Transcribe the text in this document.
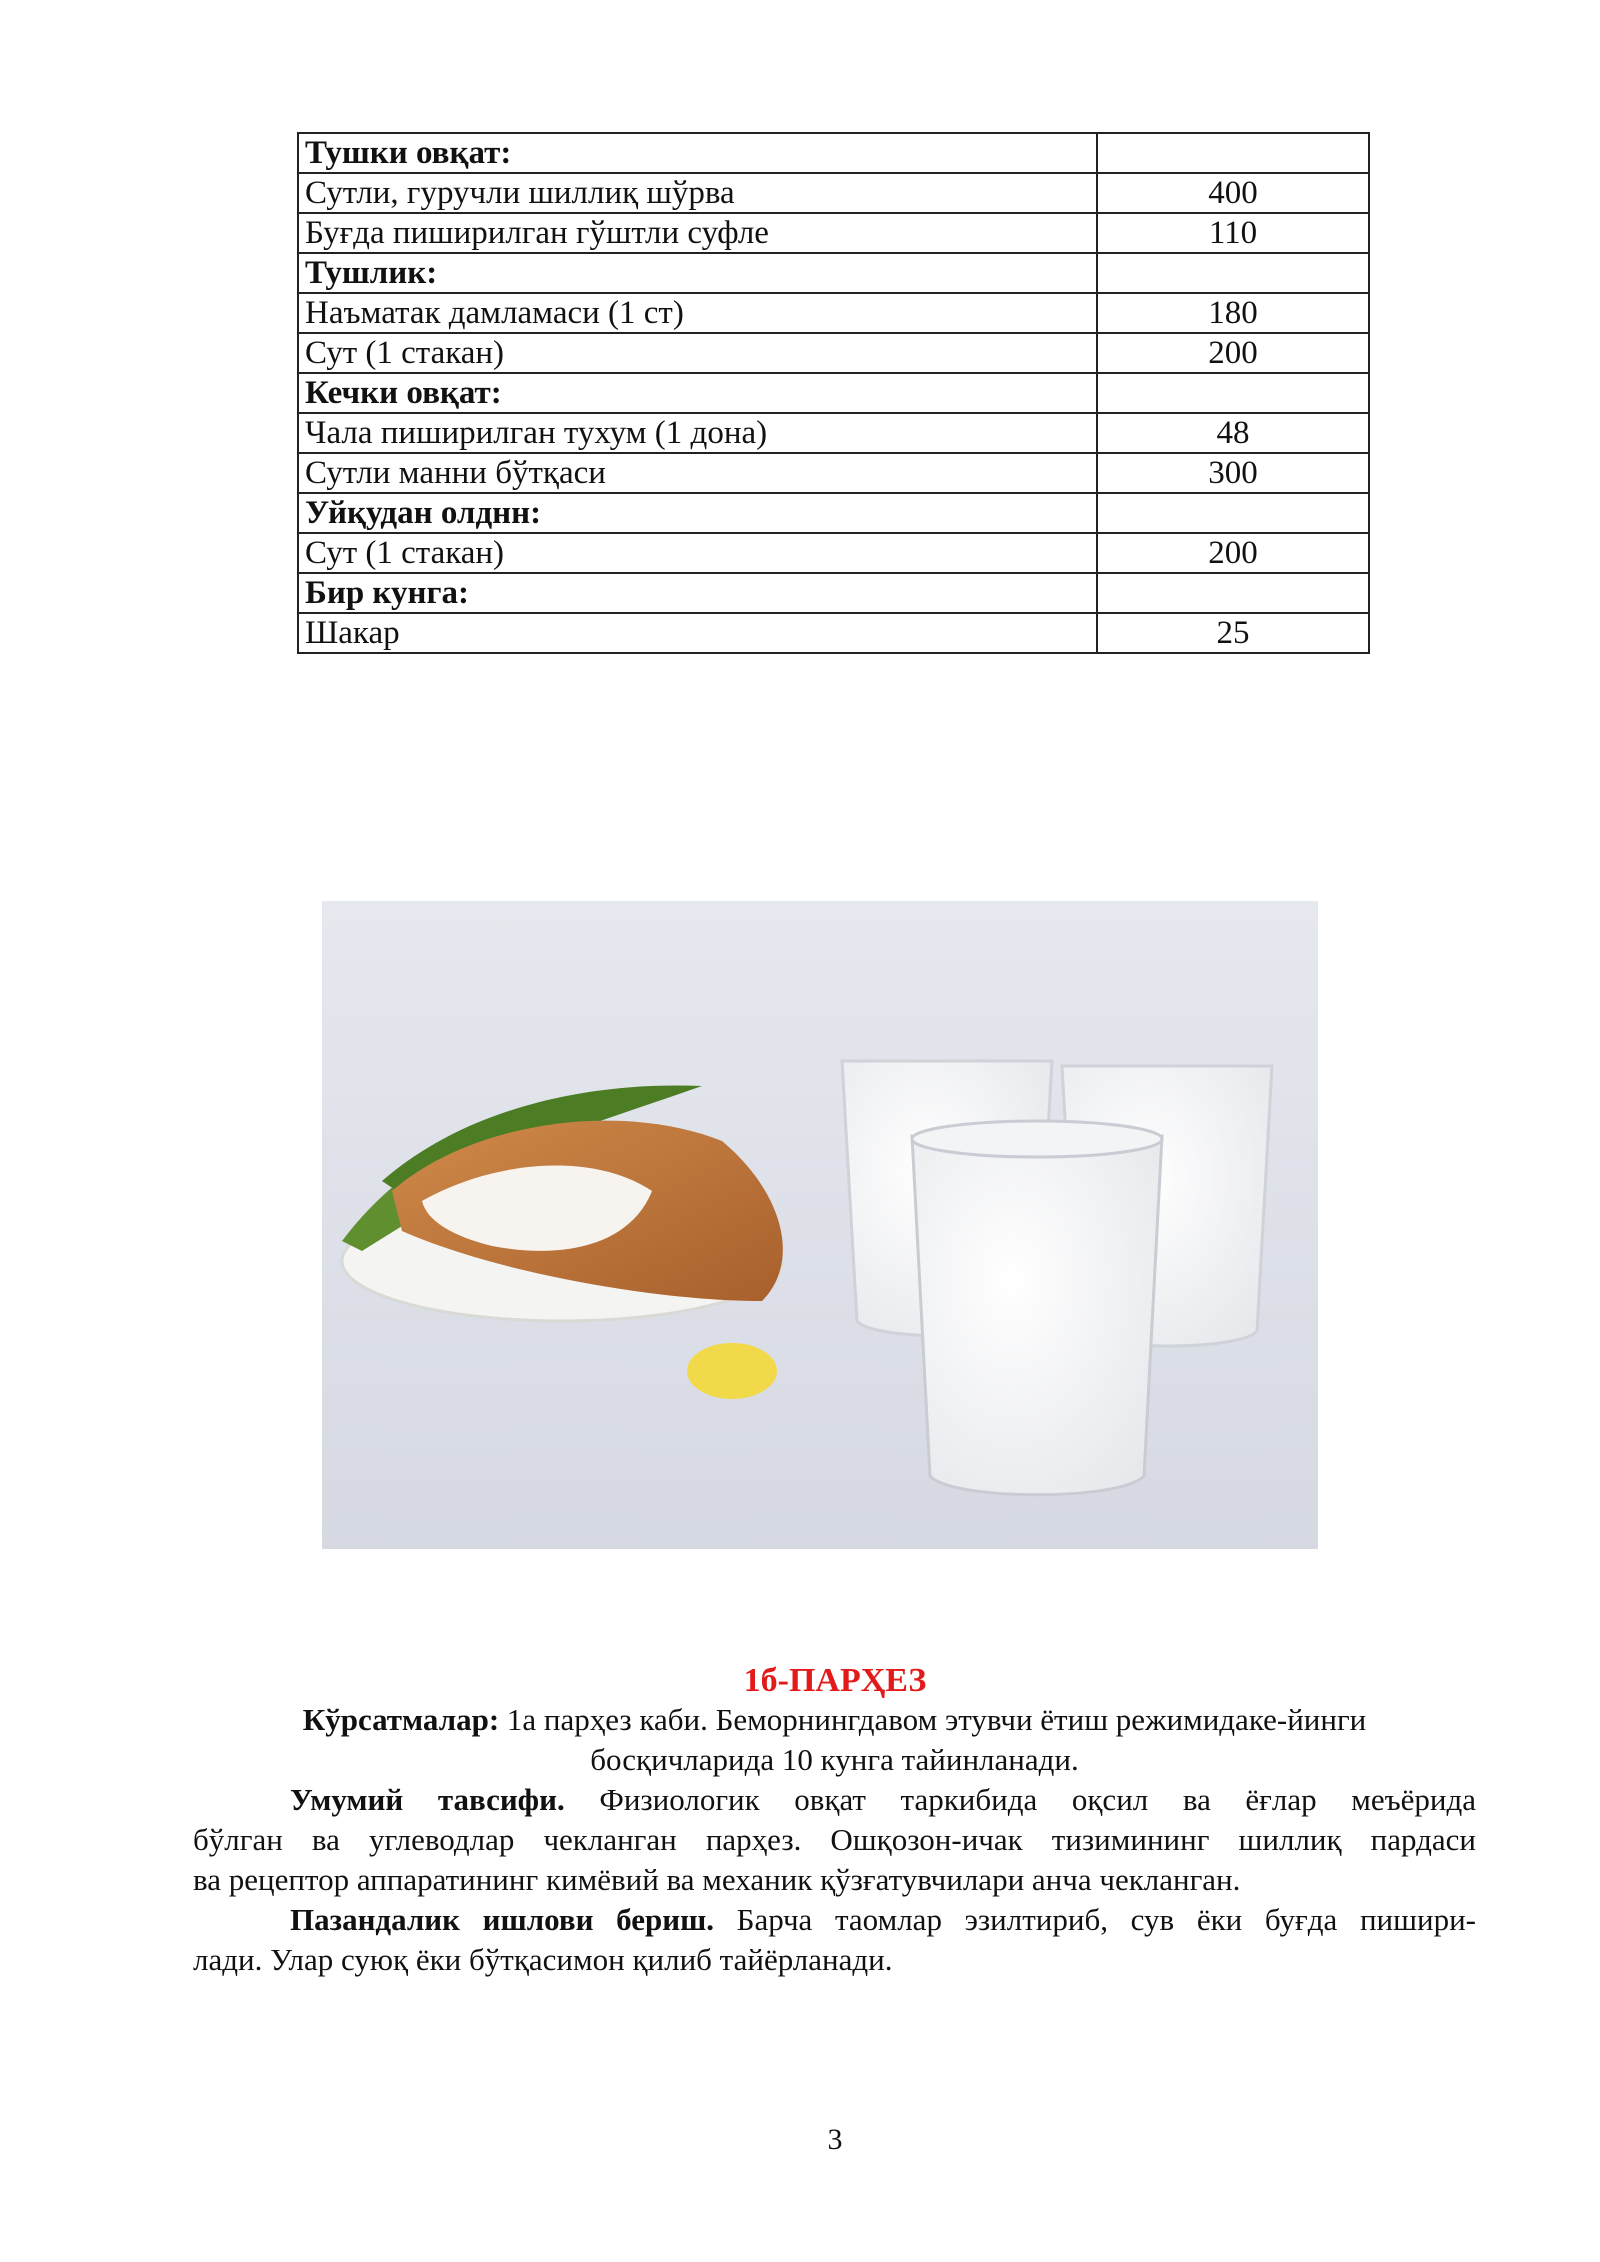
Тушки овқат:	
Сутли, гуручли шиллиқ шўрва	400
Буғда пиширилган гўштли суфле	110
Тушлик:	
Наъматак дамламаси (1 ст)	180
Сут (1 стакан)	200
Кечки овқат:	
Чала пиширилган тухум (1 дона)	48
Сутли манни бўтқаси	300
Уйқудан олднн:	
Сут (1 стакан)	200
Бир кунга:	
Шакар	25
1б-ПАРҲЕЗ
Кўрсатмалар: 1а парҳез каби. Беморнингдавом этувчи ётиш режимидаке-йинги
босқичларида 10 кунга тайинланади.
Умумий тавсифи. Физиологик овқат таркибида оқсил ва ёғлар меъёрида
бўлган ва углеводлар чекланган парҳез. Ошқозон-ичак тизимининг шиллиқ пардаси
ва рецептор аппаратининг кимёвий ва механик қўзғатувчилари анча чекланган.
Пазандалик ишлови бериш. Барча таомлар эзилтириб, сув ёки буғда пишири-
лади. Улар суюқ ёки бўтқасимон қилиб тайёрланади.
3
